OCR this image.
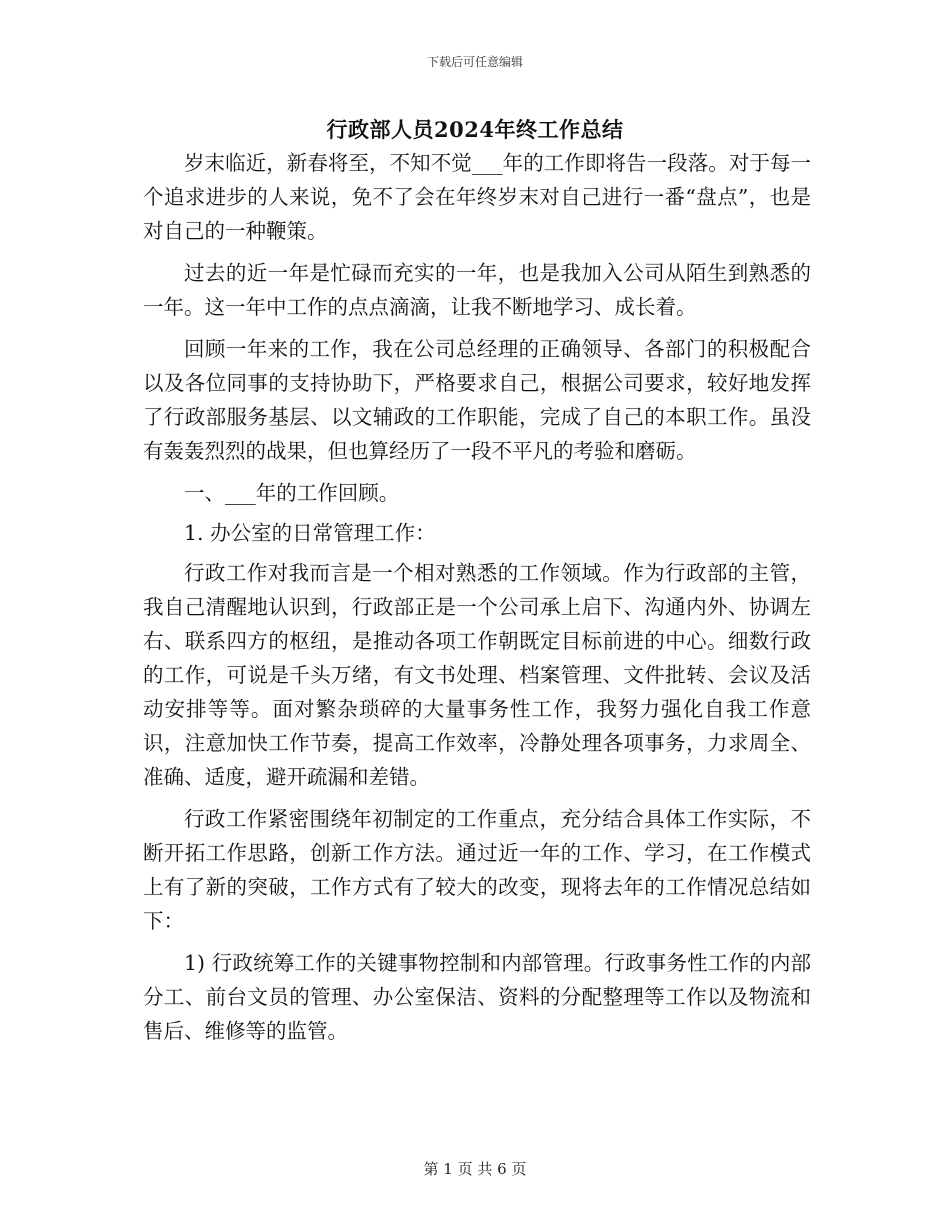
下载后可任意编辑
行政部人员2024年终工作总结

岁末临近，新春将至，不知不觉___年的工作即将告一段落。对于每一个追求进步的人来说，免不了会在年终岁末对自己进行一番“盘点”，也是对自己的一种鞭策。

过去的近一年是忙碌而充实的一年，也是我加入公司从陌生到熟悉的一年。这一年中工作的点点滴滴，让我不断地学习、成长着。

回顾一年来的工作，我在公司总经理的正确领导、各部门的积极配合以及各位同事的支持协助下，严格要求自己，根据公司要求，较好地发挥了行政部服务基层、以文辅政的工作职能，完成了自己的本职工作。虽没有轰轰烈烈的战果，但也算经历了一段不平凡的考验和磨砺。

一、___年的工作回顾。

1. 办公室的日常管理工作：

行政工作对我而言是一个相对熟悉的工作领域。作为行政部的主管，我自己清醒地认识到，行政部正是一个公司承上启下、沟通内外、协调左右、联系四方的枢纽，是推动各项工作朝既定目标前进的中心。细数行政的工作，可说是千头万绪，有文书处理、档案管理、文件批转、会议及活动安排等等。面对繁杂琐碎的大量事务性工作，我努力强化自我工作意识，注意加快工作节奏，提高工作效率，冷静处理各项事务，力求周全、准确、适度，避开疏漏和差错。

行政工作紧密围绕年初制定的工作重点，充分结合具体工作实际，不断开拓工作思路，创新工作方法。通过近一年的工作、学习，在工作模式上有了新的突破，工作方式有了较大的改变，现将去年的工作情况总结如下：

1) 行政统筹工作的关键事物控制和内部管理。行政事务性工作的内部分工、前台文员的管理、办公室保洁、资料的分配整理等工作以及物流和售后、维修等的监管。

第 1 页 共 6 页
